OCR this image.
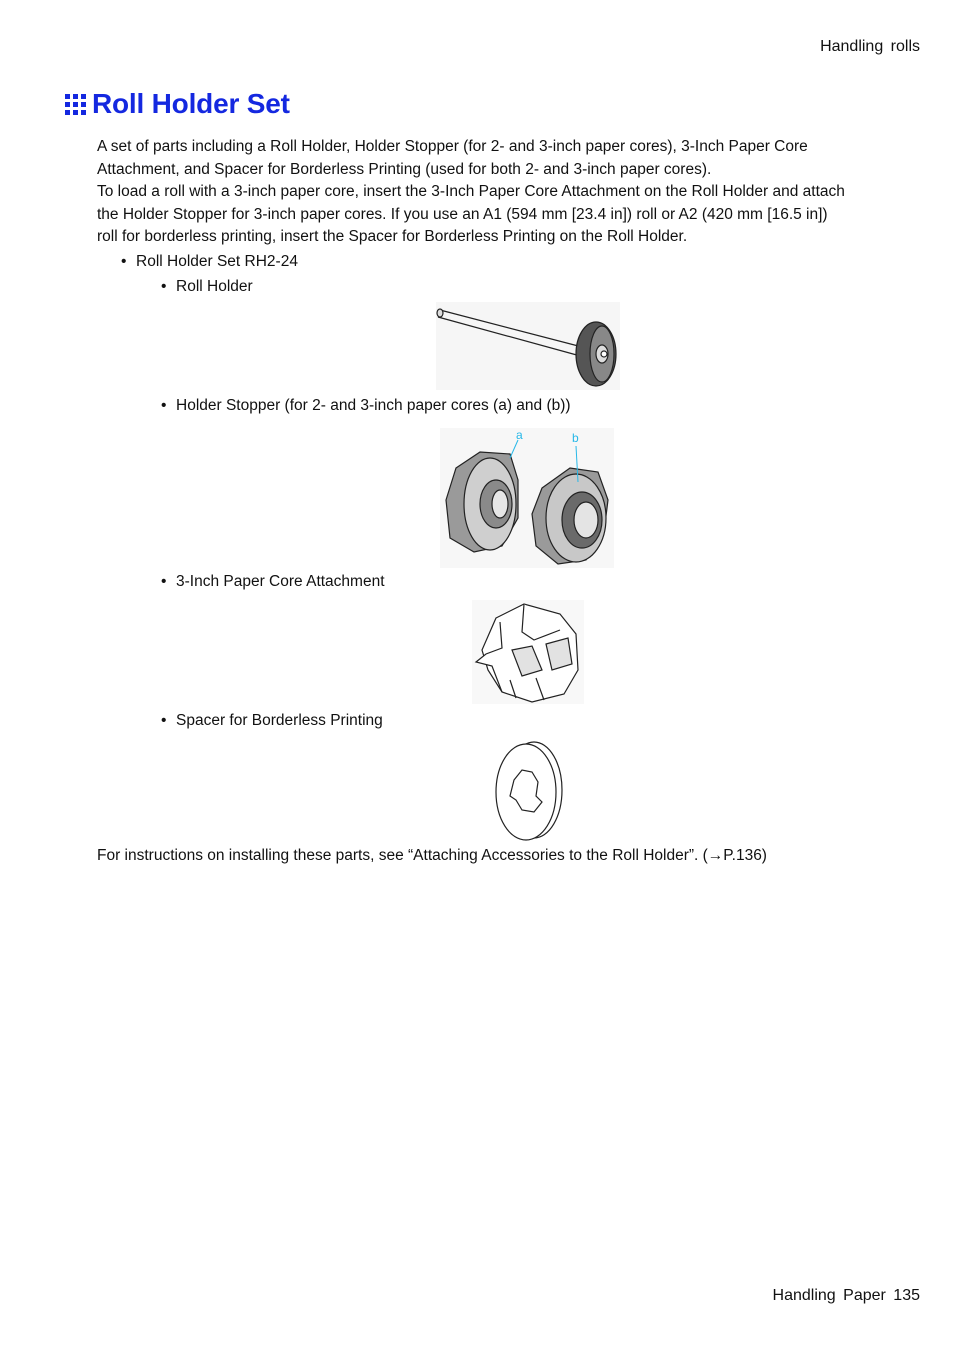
Handling rolls
Roll Holder Set
A set of parts including a Roll Holder, Holder Stopper (for 2- and 3-inch paper cores), 3-Inch Paper Core
Attachment, and Spacer for Borderless Printing (used for both 2- and 3-inch paper cores).
To load a roll with a 3-inch paper core, insert the 3-Inch Paper Core Attachment on the Roll Holder and attach
the Holder Stopper for 3-inch paper cores. If you use an A1 (594 mm [23.4 in]) roll or A2 (420 mm [16.5 in])
roll for borderless printing, insert the Spacer for Borderless Printing on the Roll Holder.
• Roll Holder Set RH2-24
• Roll Holder
• Holder Stopper (for 2- and 3-inch paper cores (a) and (b))
a	b
• 3-Inch Paper Core Attachment
• Spacer for Borderless Printing
For instructions on installing these parts, see “Attaching Accessories to the Roll Holder”. (→P.136)
Handling Paper 135
